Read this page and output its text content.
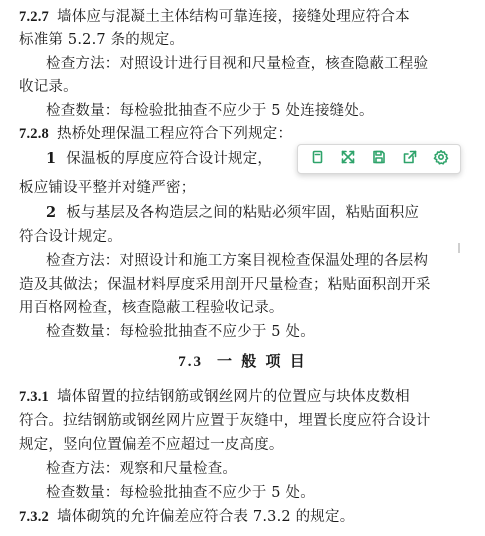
7.2.7 墙体应与混凝土主体结构可靠连接，接缝处理应符合本
标准第 5.2.7 条的规定。
检查方法：对照设计进行目视和尺量检查，核查隐蔽工程验
收记录。
检查数量：每检验批抽查不应少于 5 处连接缝处。
7.2.8 热桥处理保温工程应符合下列规定：
1 保温板的厚度应符合设计规定，
板应铺设平整并对缝严密；
2 板与基层及各构造层之间的粘贴必须牢固，粘贴面积应
符合设计规定。
检查方法：对照设计和施工方案目视检查保温处理的各层构
造及其做法；保温材料厚度采用剖开尺量检查；粘贴面积剖开采
用百格网检查，核查隐蔽工程验收记录。
检查数量：每检验批抽查不应少于 5 处。
7.3 一 般 项 目
7.3.1 墙体留置的拉结钢筋或钢丝网片的位置应与块体皮数相
符合。拉结钢筋或钢丝网片应置于灰缝中，埋置长度应符合设计
规定，竖向位置偏差不应超过一皮高度。
检查方法：观察和尺量检查。
检查数量：每检验批抽查不应少于 5 处。
7.3.2 墙体砌筑的允许偏差应符合表 7.3.2 的规定。
